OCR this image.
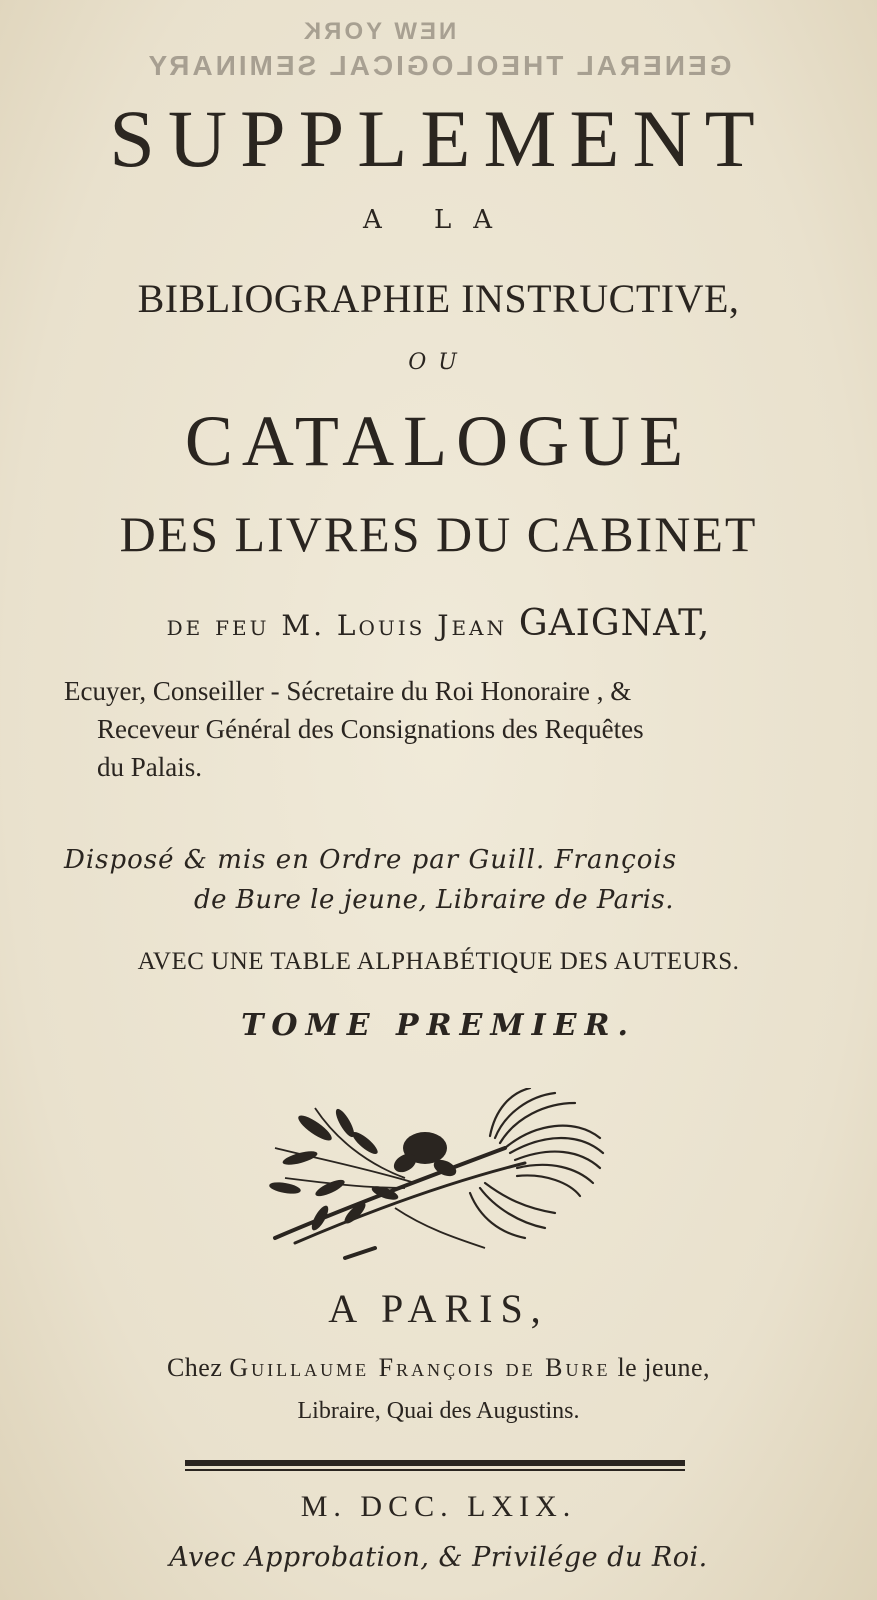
NEW YORK
GENERAL THEOLOGICAL SEMINARY
SUPPLEMENT
A LA
BIBLIOGRAPHIE INSTRUCTIVE,
OU
CATALOGUE
DES LIVRES DU CABINET
de feu M. Louis Jean GAIGNAT,
Ecuyer, Conseiller - Sécretaire du Roi Honoraire , &
Receveur Général des Consignations des Requêtes
du Palais.
Disposé & mis en Ordre par Guill. François
de Bure le jeune, Libraire de Paris.
AVEC UNE TABLE ALPHABÉTIQUE DES AUTEURS.
TOME PREMIER.
A PARIS,
Chez Guillaume François de Bure le jeune,
Libraire, Quai des Augustins.
M. DCC. LXIX.
Avec Approbation, & Privilége du Roi.
